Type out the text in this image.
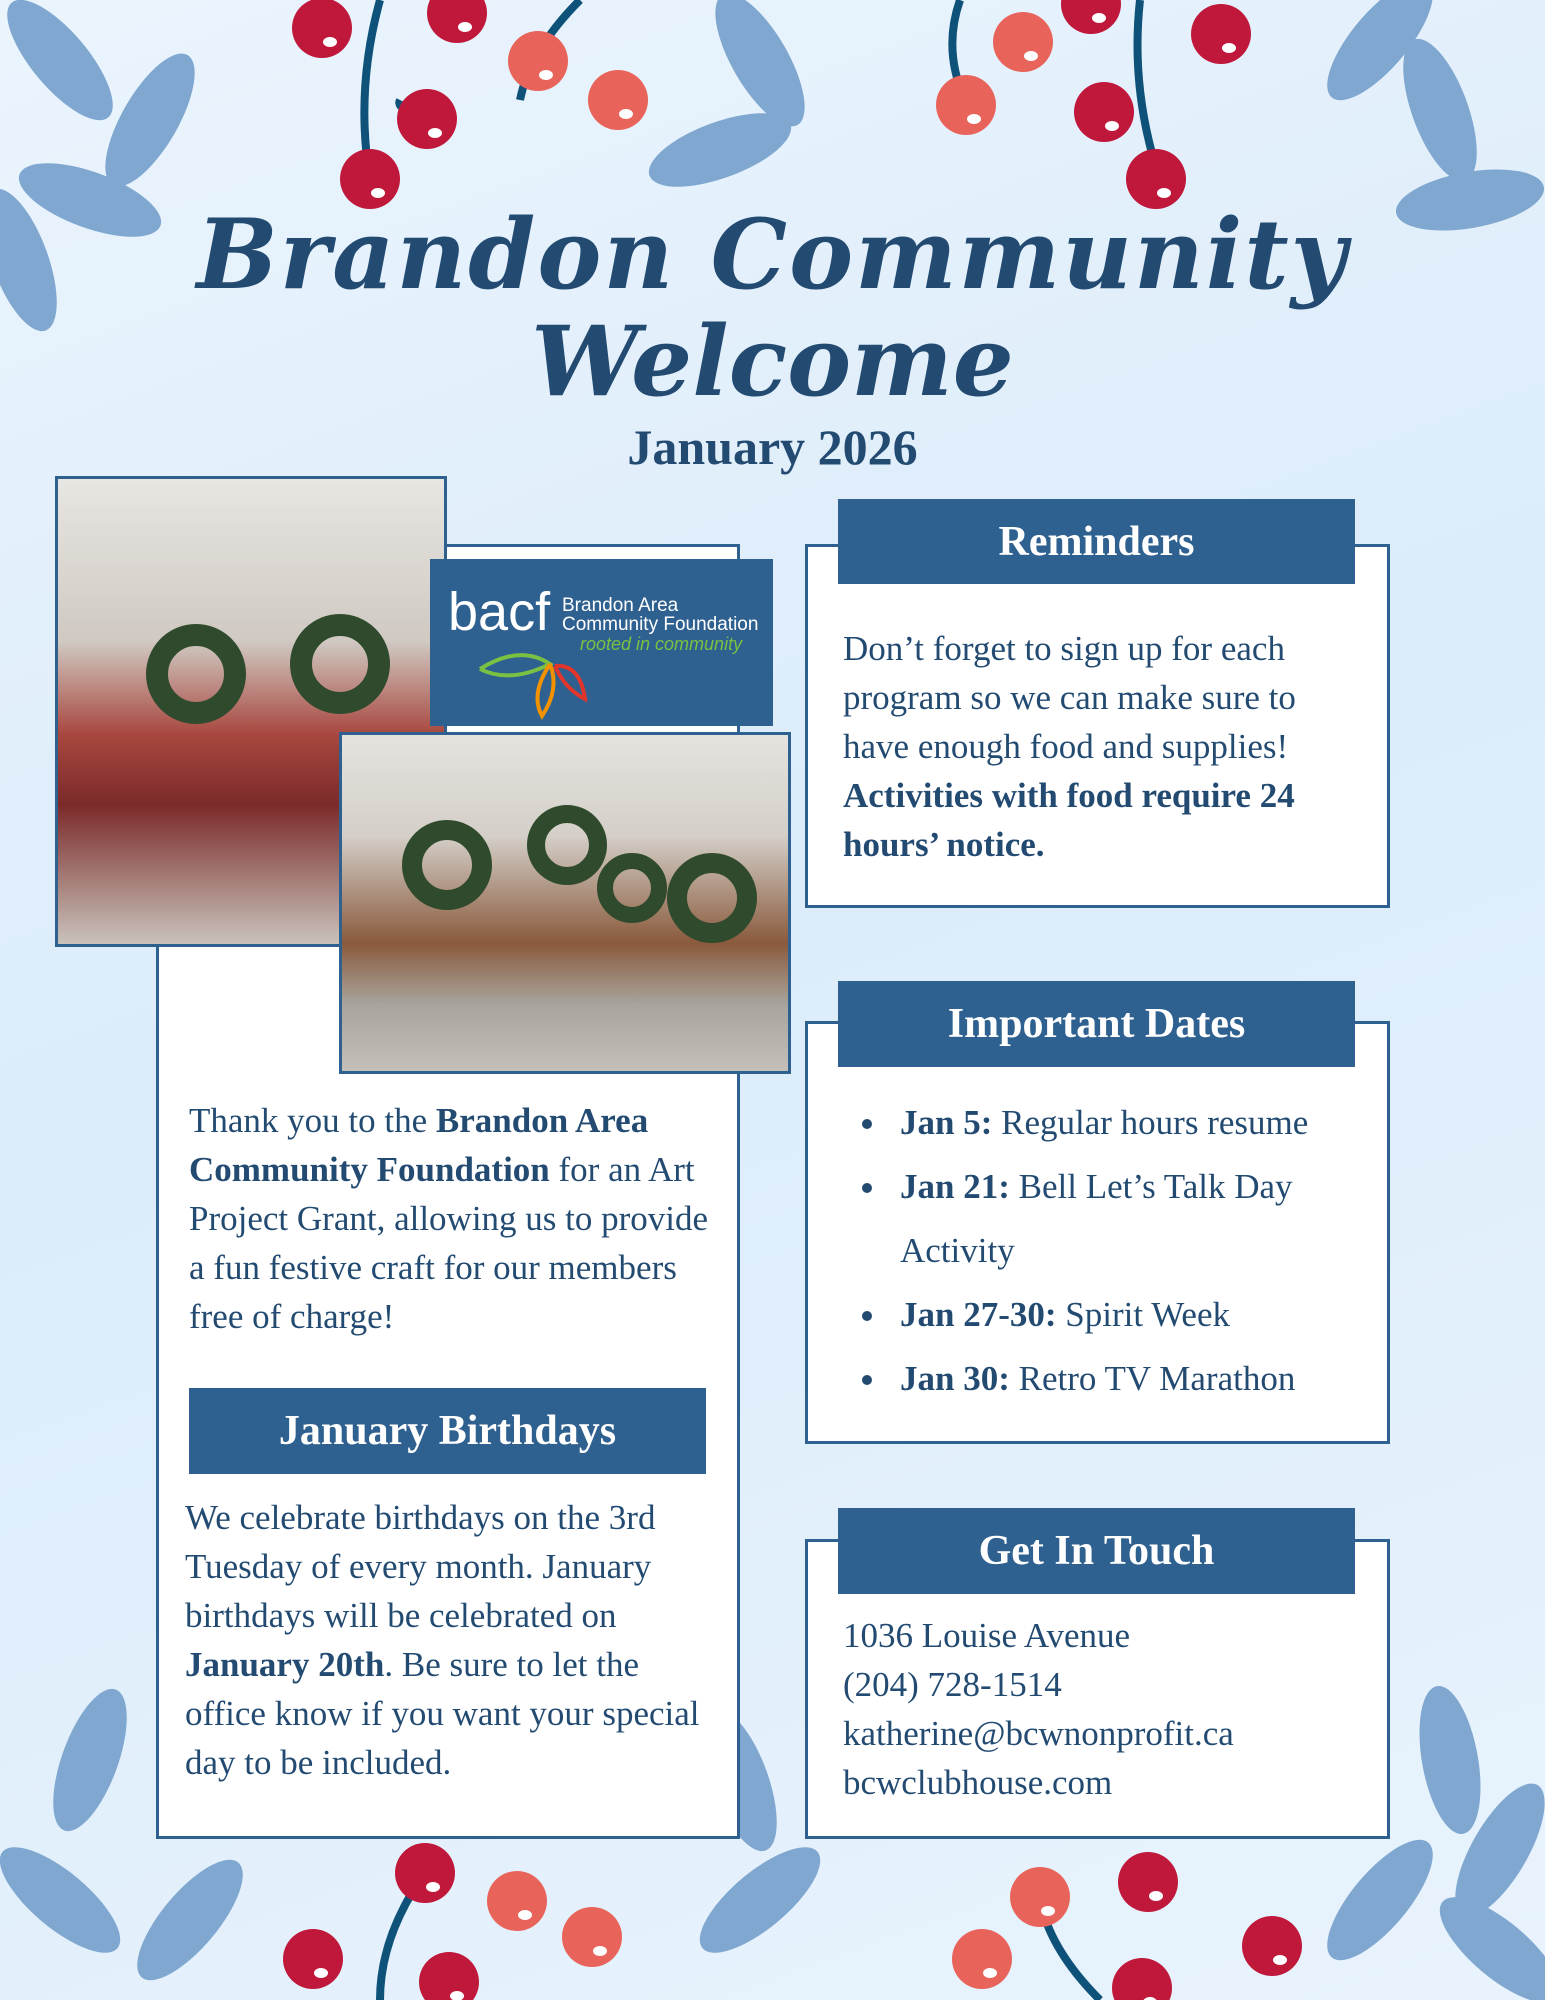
Brandon Community
Welcome
January 2026
bacf Brandon Area
Community Foundation
rooted in community
Thank you to the Brandon Area Community Foundation for an Art Project Grant, allowing us to provide a fun festive craft for our members free of charge!
January Birthdays
We celebrate birthdays on the 3rd Tuesday of every month. January birthdays will be celebrated on January 20th. Be sure to let the office know if you want your special day to be included.
Reminders
Don’t forget to sign up for each program so we can make sure to have enough food and supplies! Activities with food require 24 hours’ notice.
Important Dates
Jan 5: Regular hours resume
Jan 21: Bell Let’s Talk Day Activity
Jan 27-30: Spirit Week
Jan 30: Retro TV Marathon
Get In Touch
1036 Louise Avenue
(204) 728-1514
katherine@bcwnonprofit.ca
bcwclubhouse.com
